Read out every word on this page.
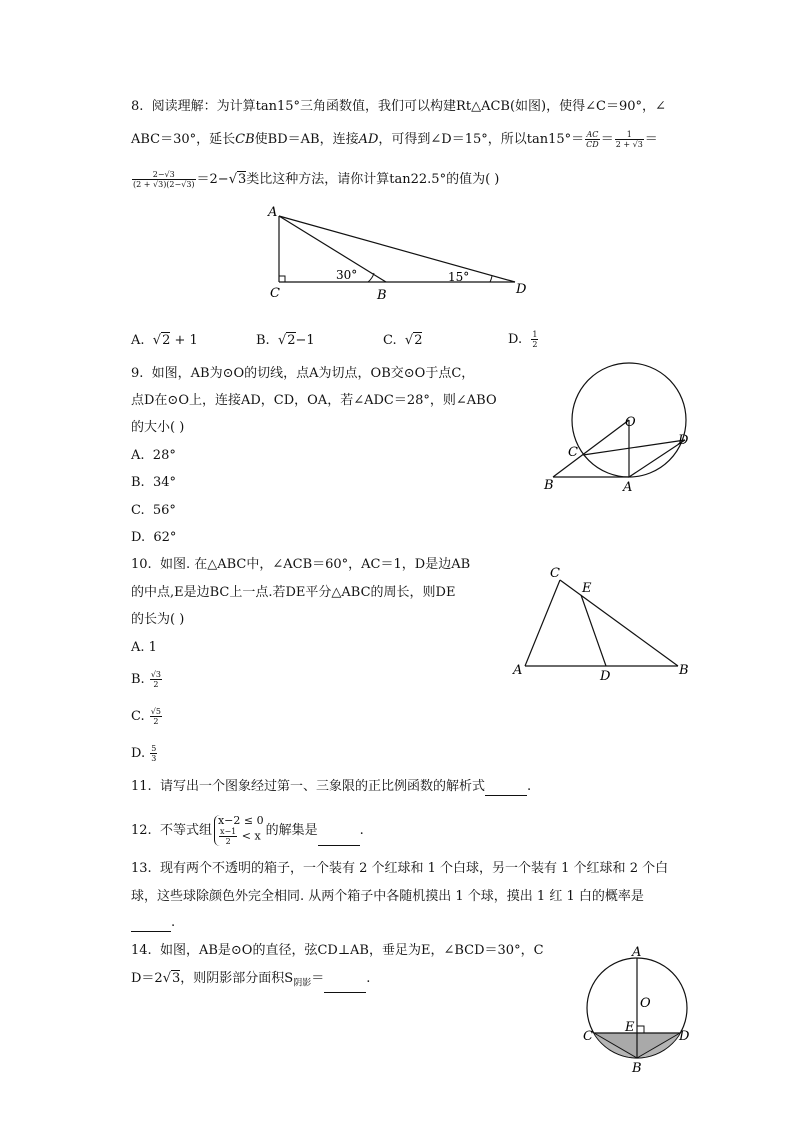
8. 阅读理解：为计算tan15°三角函数值，我们可以构建Rt△ACB(如图)，使得∠C＝90°，∠
ABC＝30°，延长CB使BD＝AB，连接AD，可得到∠D＝15°，所以$\tan 15^\circ= \frac{AC}{CD} = \frac{1}{2 + √3}$ ＝
$\frac{2-√3}{(2 + √3)(2-√3)} =2-√3$类比这种方法，请你计算tan22.5°的值为( )
A
C	B	D
30°	15°
A. √2 + 1	B. √2−1	C. √2	D. $\frac{1}{2}$
9. 如图，AB为⊙O的切线，点A为切点，OB交⊙O于点C，
点D在⊙O上，连接AD，CD，OA，若∠ADC＝28°，则∠ABO
的大小( )
A. 28°
B. 34°
C. 56°
D. 62°
O
C
D
B	A
10. 如图. 在△ABC中，∠ACB＝60°，AC＝1，D是边AB
的中点,E是边BC上一点.若DE平分△ABC的周长，则DE
的长为( )
A. 1
B. $\frac{√3}{2}$
C. $\frac{√5}{2}$
D. $\frac{5}{3}$
C
E
A	D	B
11. 请写出一个图象经过第一、三象限的正比例函数的解析式	.
12. 不等式组
x−2 ≤ 0
$\frac{x-1}{2} < x$ 的解集是	.
13. 现有两个不透明的箱子，一个装有 2 个红球和 1 个白球，另一个装有 1 个红球和 2 个白
球，这些球除颜色外完全相同. 从两个箱子中各随机摸出 1 个球，摸出 1 红 1 白的概率是
.
14. 如图，AB是⊙O的直径，弦CD⊥AB，垂足为E，∠BCD＝30°，C
D＝2√3，则阴影部分面积$S_{阴影}=$	.
A
O
E
C	D
B
